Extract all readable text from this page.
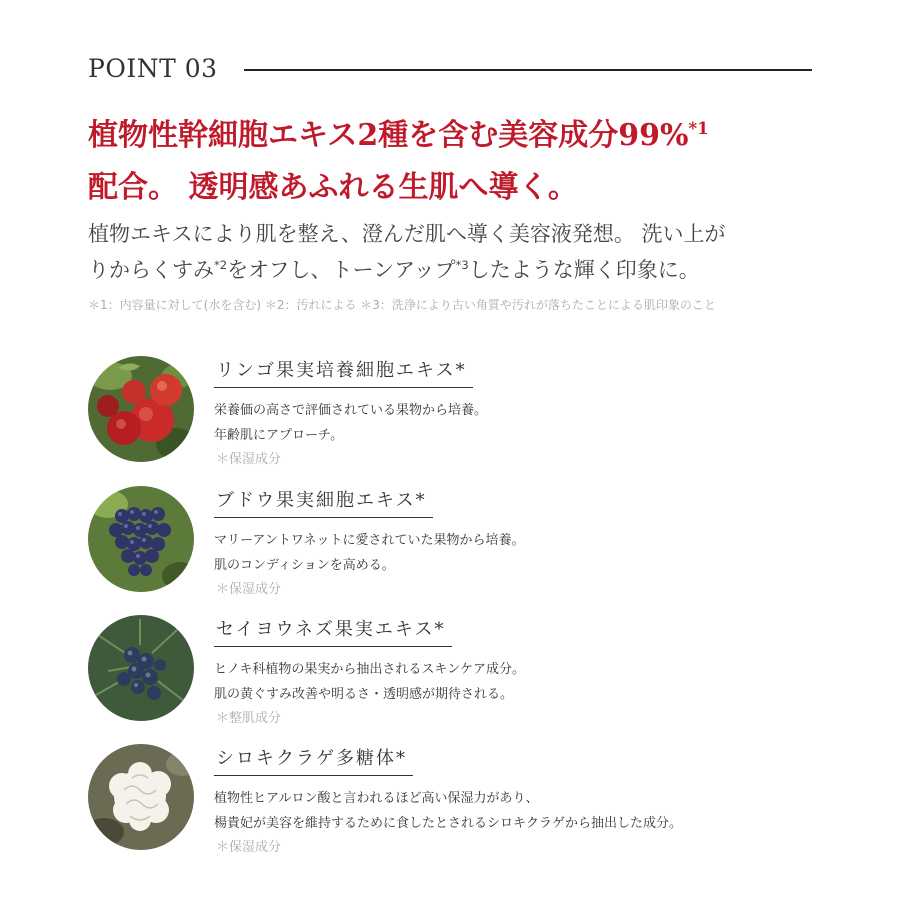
POINT 03
植物性幹細胞エキス2種を含む美容成分99%$^{*1}$
配合。 透明感あふれる生肌へ導く。
植物エキスにより肌を整え、澄んだ肌へ導く美容液発想。 洗い上が
りからくすみ$^{*2}$をオフし、トーンアップ$^{*3}$したような輝く印象に。
＊1：内容量に対して(水を含む) ＊2：汚れによる ＊3：洗浄により古い角質や汚れが落ちたことによる肌印象のこと
リンゴ果実培養細胞エキス*
栄養価の高さで評価されている果物から培養。
年齢肌にアプローチ。
＊保湿成分
ブドウ果実細胞エキス*
マリーアントワネットに愛されていた果物から培養。
肌のコンディションを高める。
＊保湿成分
セイヨウネズ果実エキス*
ヒノキ科植物の果実から抽出されるスキンケア成分。
肌の黄ぐすみ改善や明るさ・透明感が期待される。
＊整肌成分
シロキクラゲ多糖体*
植物性ヒアルロン酸と言われるほど高い保湿力があり、
楊貴妃が美容を維持するために食したとされるシロキクラゲから抽出した成分。
＊保湿成分
